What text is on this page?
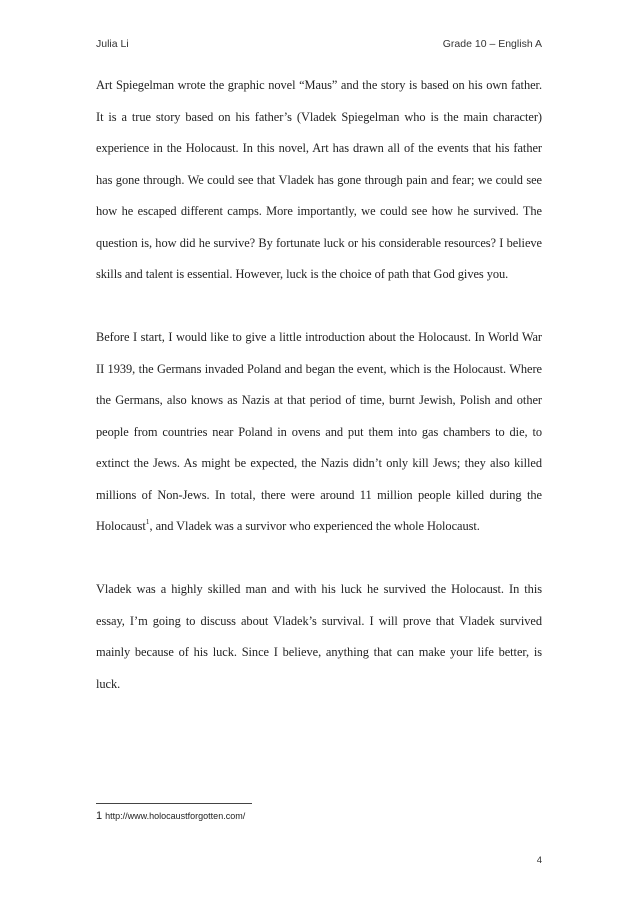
Julia Li	Grade 10 – English A

Art Spiegelman wrote the graphic novel “Maus” and the story is based on his own father. It is a true story based on his father’s (Vladek Spiegelman who is the main character) experience in the Holocaust. In this novel, Art has drawn all of the events that his father has gone through. We could see that Vladek has gone through pain and fear; we could see how he escaped different camps. More importantly, we could see how he survived. The question is, how did he survive? By fortunate luck or his considerable resources? I believe skills and talent is essential. However, luck is the choice of path that God gives you.

Before I start, I would like to give a little introduction about the Holocaust. In World War II 1939, the Germans invaded Poland and began the event, which is the Holocaust. Where the Germans, also knows as Nazis at that period of time, burnt Jewish, Polish and other people from countries near Poland in ovens and put them into gas chambers to die, to extinct the Jews. As might be expected, the Nazis didn’t only kill Jews; they also killed millions of Non-Jews. In total, there were around 11 million people killed during the Holocaust$^1$, and Vladek was a survivor who experienced the whole Holocaust.

Vladek was a highly skilled man and with his luck he survived the Holocaust. In this essay, I’m going to discuss about Vladek’s survival. I will prove that Vladek survived mainly because of his luck. Since I believe, anything that can make your life better, is luck.

1 http://www.holocaustforgotten.com/
4
